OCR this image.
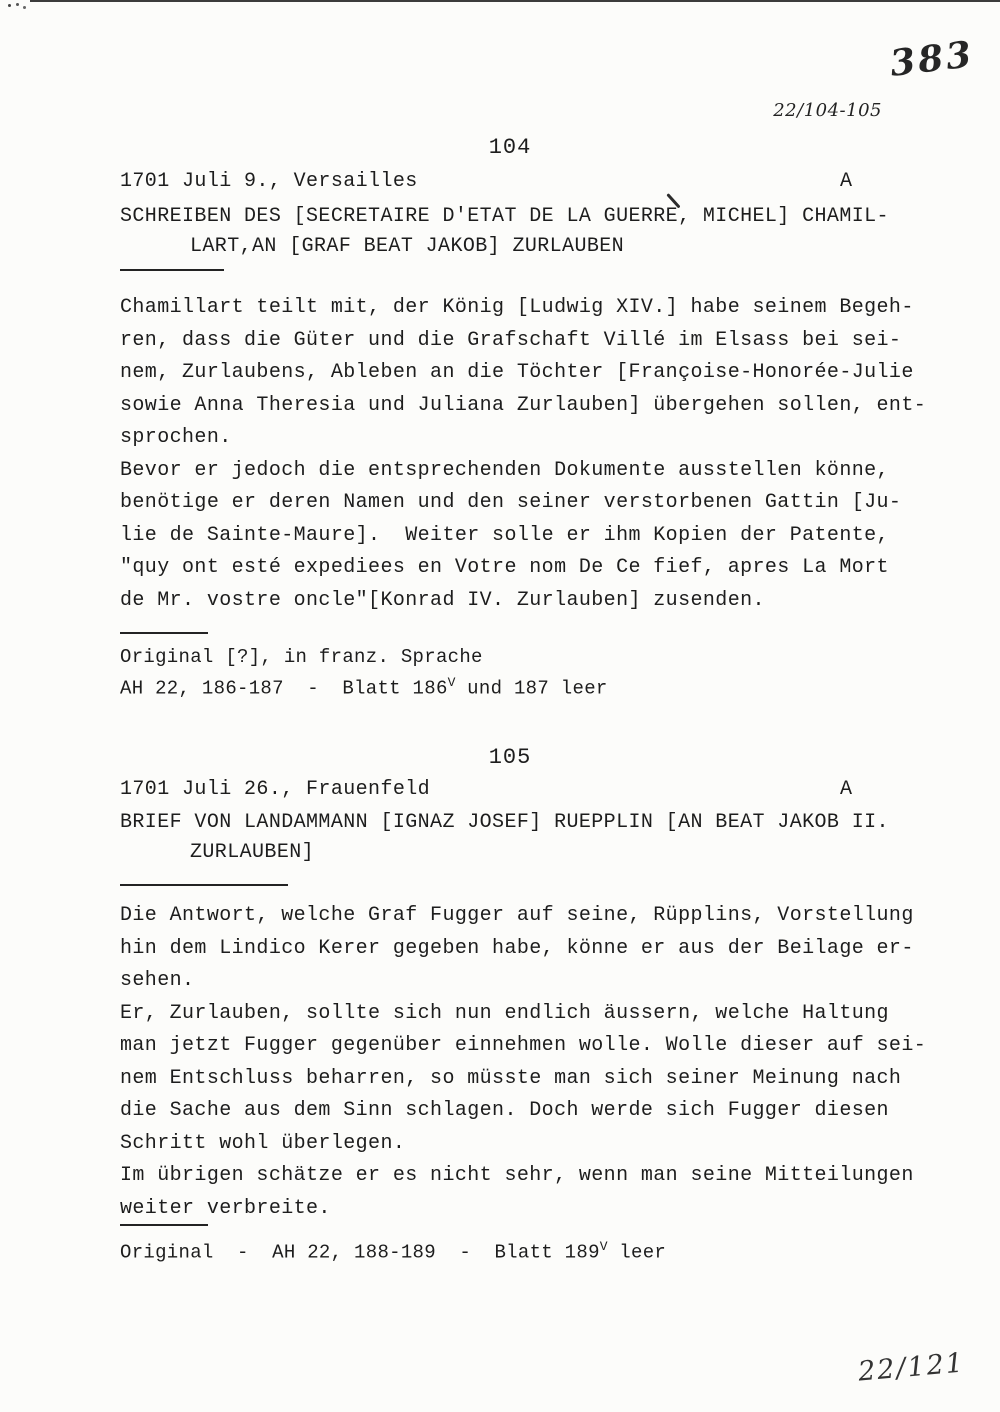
383
22/104-105
104
1701 Juli 9., Versailles	A
SCHREIBEN DES [SECRETAIRE D'ETAT DE LA GUERRE, MICHEL] CHAMIL-
LART,AN [GRAF BEAT JAKOB] ZURLAUBEN
Chamillart teilt mit, der König [Ludwig XIV.] habe seinem Begeh-
ren, dass die Güter und die Grafschaft Villé im Elsass bei sei-
nem, Zurlaubens, Ableben an die Töchter [Françoise-Honorée-Julie
sowie Anna Theresia und Juliana Zurlauben] übergehen sollen, ent-
sprochen.
Bevor er jedoch die entsprechenden Dokumente ausstellen könne,
benötige er deren Namen und den seiner verstorbenen Gattin [Ju-
lie de Sainte-Maure].  Weiter solle er ihm Kopien der Patente,
"quy ont esté expediees en Votre nom De Ce fief, apres La Mort
de Mr. vostre oncle"[Konrad IV. Zurlauben] zusenden.
Original [?], in franz. Sprache
AH 22, 186-187  -  Blatt $186^V$ und 187 leer
105
1701 Juli 26., Frauenfeld	A
BRIEF VON LANDAMMANN [IGNAZ JOSEF] RUEPPLIN [AN BEAT JAKOB II.
ZURLAUBEN]
Die Antwort, welche Graf Fugger auf seine, Rüpplins, Vorstellung
hin dem Lindico Kerer gegeben habe, könne er aus der Beilage er-
sehen.
Er, Zurlauben, sollte sich nun endlich äussern, welche Haltung
man jetzt Fugger gegenüber einnehmen wolle. Wolle dieser auf sei-
nem Entschluss beharren, so müsste man sich seiner Meinung nach
die Sache aus dem Sinn schlagen. Doch werde sich Fugger diesen
Schritt wohl überlegen.
Im übrigen schätze er es nicht sehr, wenn man seine Mitteilungen
weiter verbreite.
Original  -  AH 22, 188-189  -  Blatt $189^V$ leer
22/121
